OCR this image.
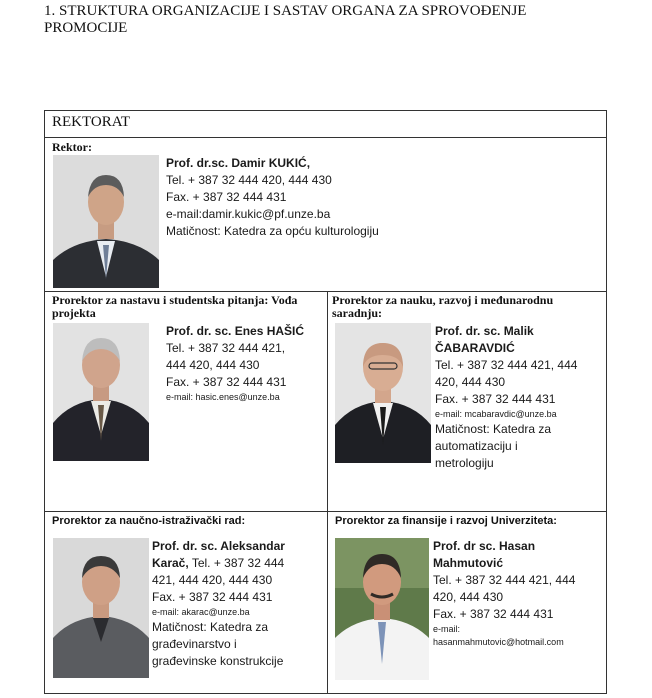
1. STRUKTURA ORGANIZACIJE I SASTAV ORGANA ZA SPROVOĐENJE
PROMOCIJE
REKTORAT
Rektor:
Prof. dr.sc. Damir KUKIĆ,
Tel. + 387 32 444 420, 444 430
Fax. + 387 32 444 431
e-mail:damir.kukic@pf.unze.ba
Matičnost: Katedra za opću kulturologiju
Prorektor za nastavu i studentska pitanja: Vođa
projekta
Prof. dr. sc. Enes HAŠIĆ
Tel. + 387 32 444 421,
444 420, 444 430
Fax. + 387 32 444 431
e-mail: hasic.enes@unze.ba
Prorektor za nauku, razvoj i međunarodnu
saradnju:
Prof. dr. sc. Malik
ČABARAVDIĆ
Tel. + 387 32 444 421, 444
420, 444 430
Fax. + 387 32 444 431
e-mail: mcabaravdic@unze.ba
Matičnost: Katedra za
automatizaciju i
metrologiju
Prorektor za naučno-istraživački rad:
Prof. dr. sc. Aleksandar
Karač, Tel. + 387 32 444
421, 444 420, 444 430
Fax. + 387 32 444 431
e-mail: akarac@unze.ba
Matičnost: Katedra za
građevinarstvo i
građevinske konstrukcije
Prorektor za finansije i razvoj Univerziteta:
Prof. dr sc. Hasan
Mahmutović
Tel. + 387 32 444 421, 444
420, 444 430
Fax. + 387 32 444 431
e-mail:
hasanmahmutovic@hotmail.com
